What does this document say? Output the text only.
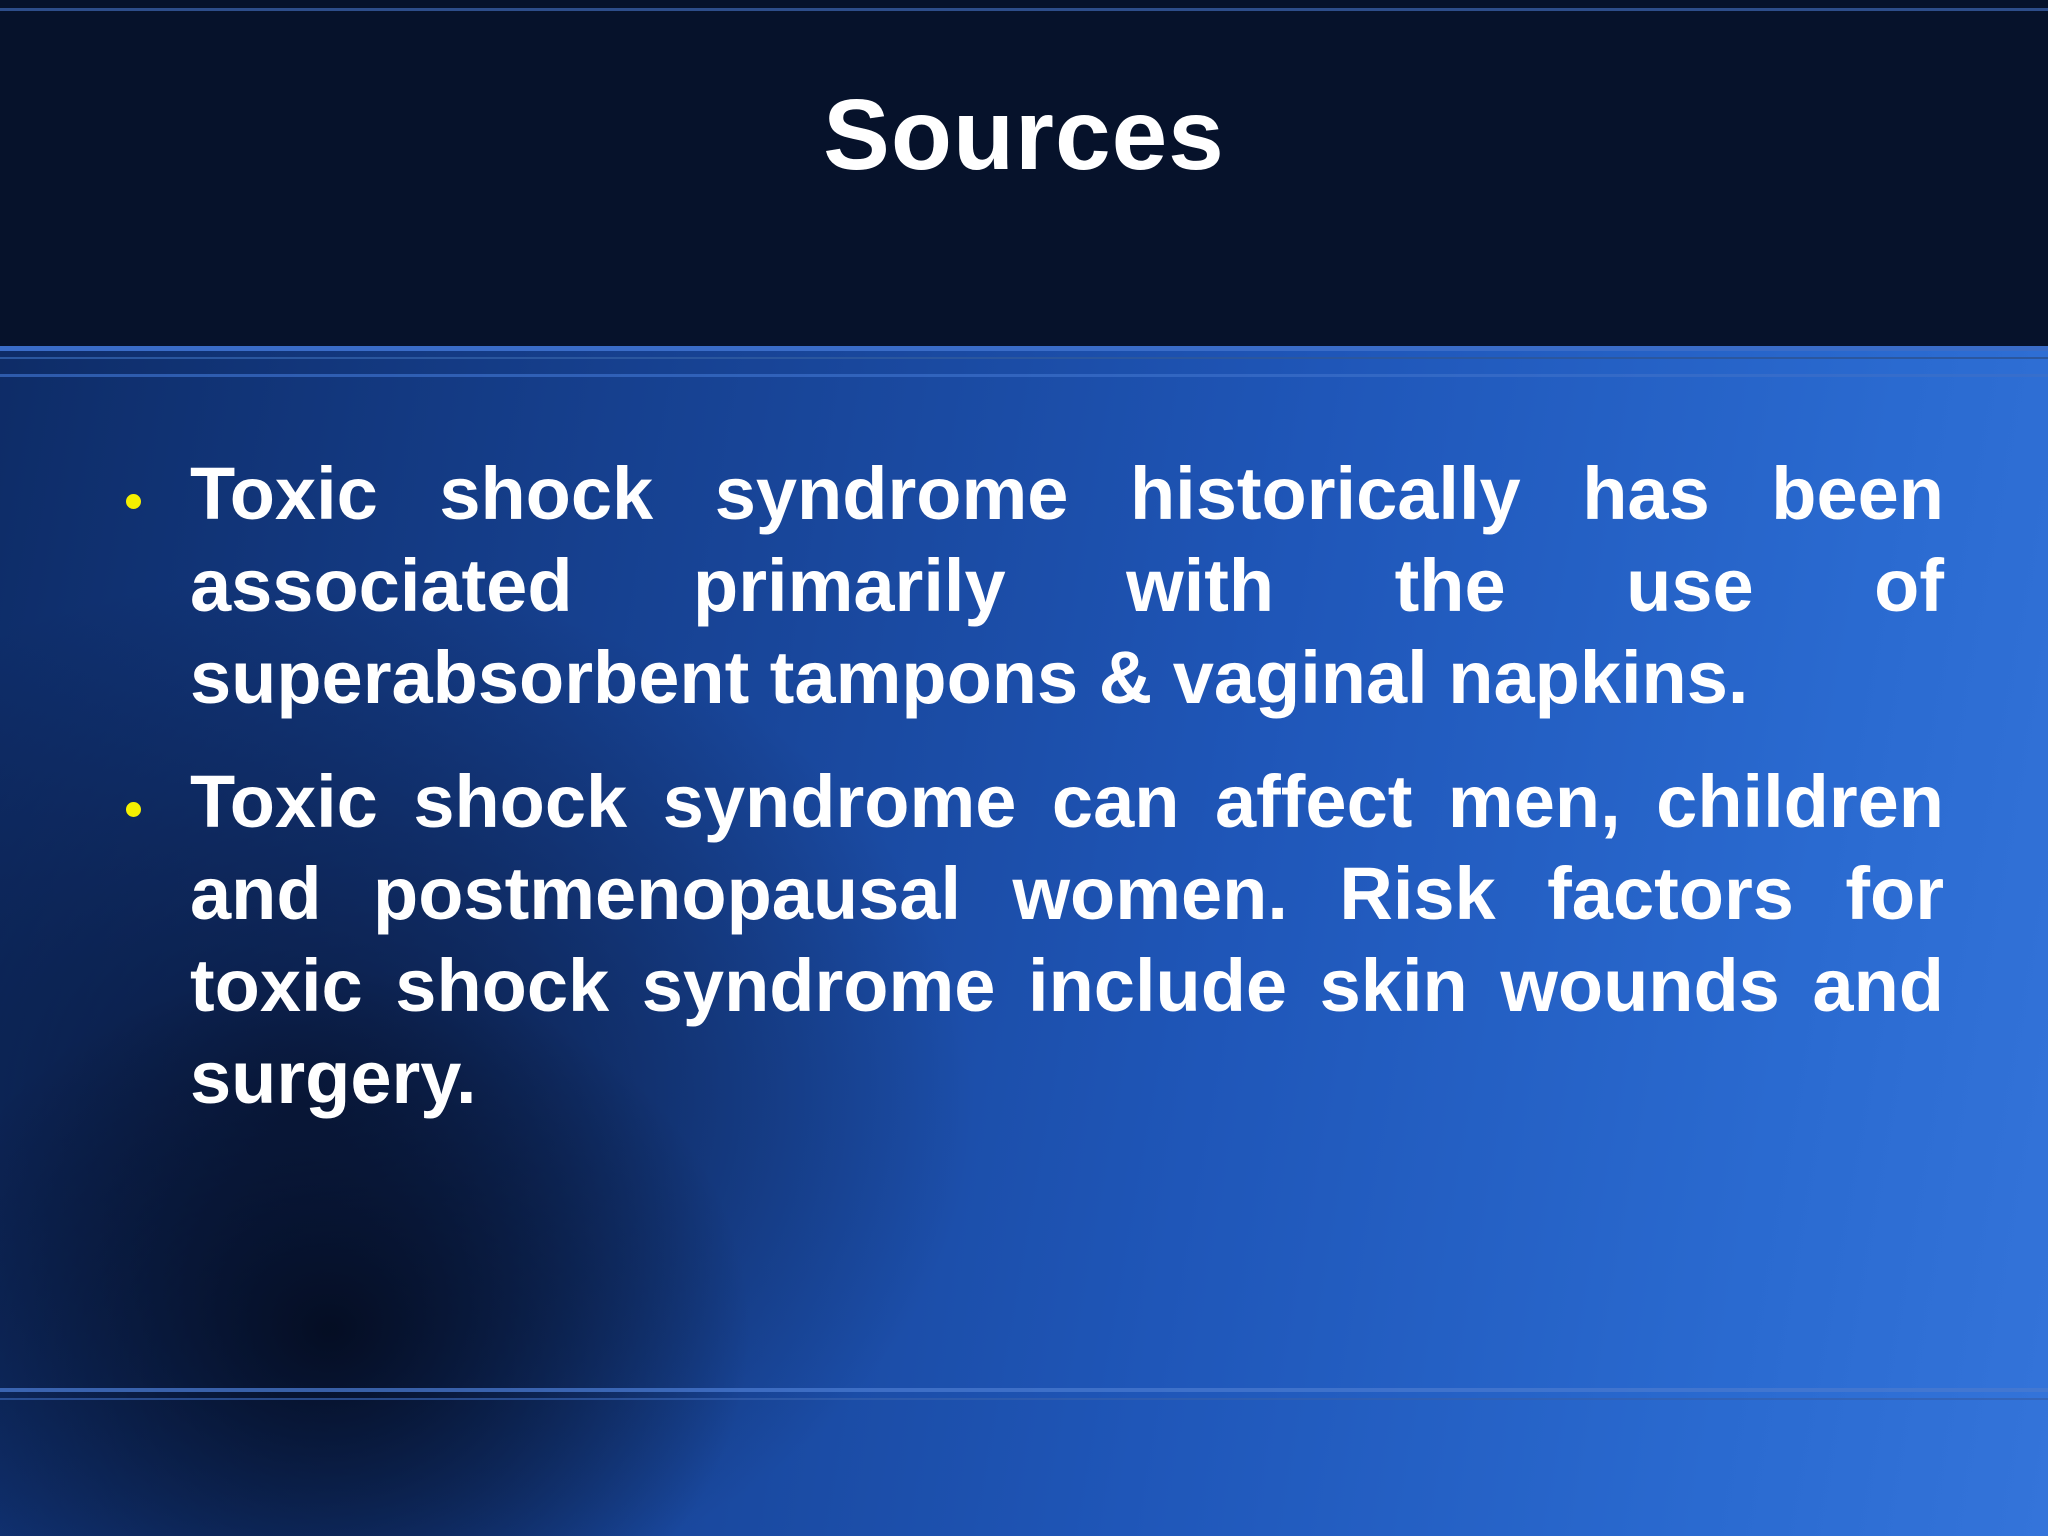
Sources
Toxic shock syndrome historically has been associated primarily with the use of superabsorbent tampons & vaginal napkins.
Toxic shock syndrome can affect men, children and postmenopausal women. Risk factors for toxic shock syndrome include skin wounds and surgery.
